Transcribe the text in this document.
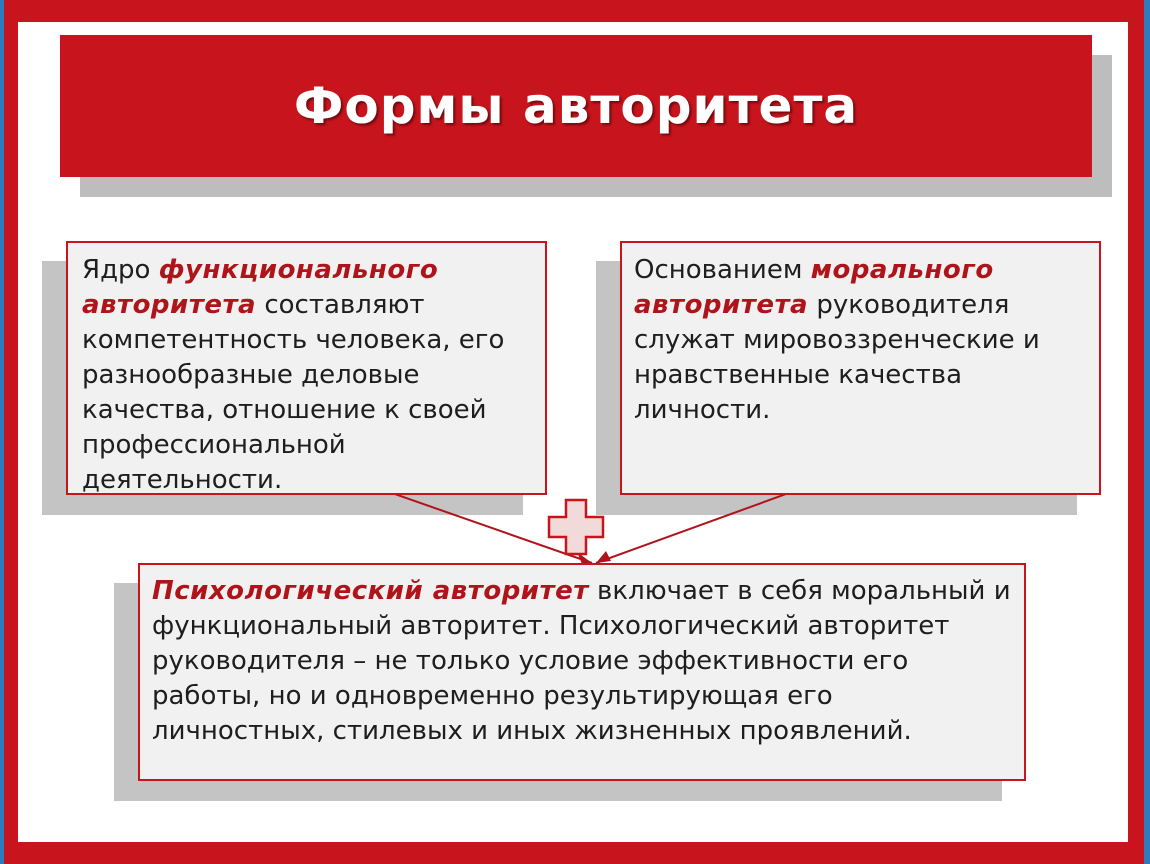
Формы авторитета
Ядро функционального авторитета составляют компетентность человека, его разнообразные деловые качества, отношение к своей профессиональной деятельности.
Основанием морального авторитета руководителя служат мировоззренческие и нравственные качества личности.
Психологический авторитет включает в себя моральный и функциональный авторитет. Психологический авторитет руководителя – не только условие эффективности его работы, но и одновременно результирующая его личностных, стилевых и иных жизненных проявлений.
